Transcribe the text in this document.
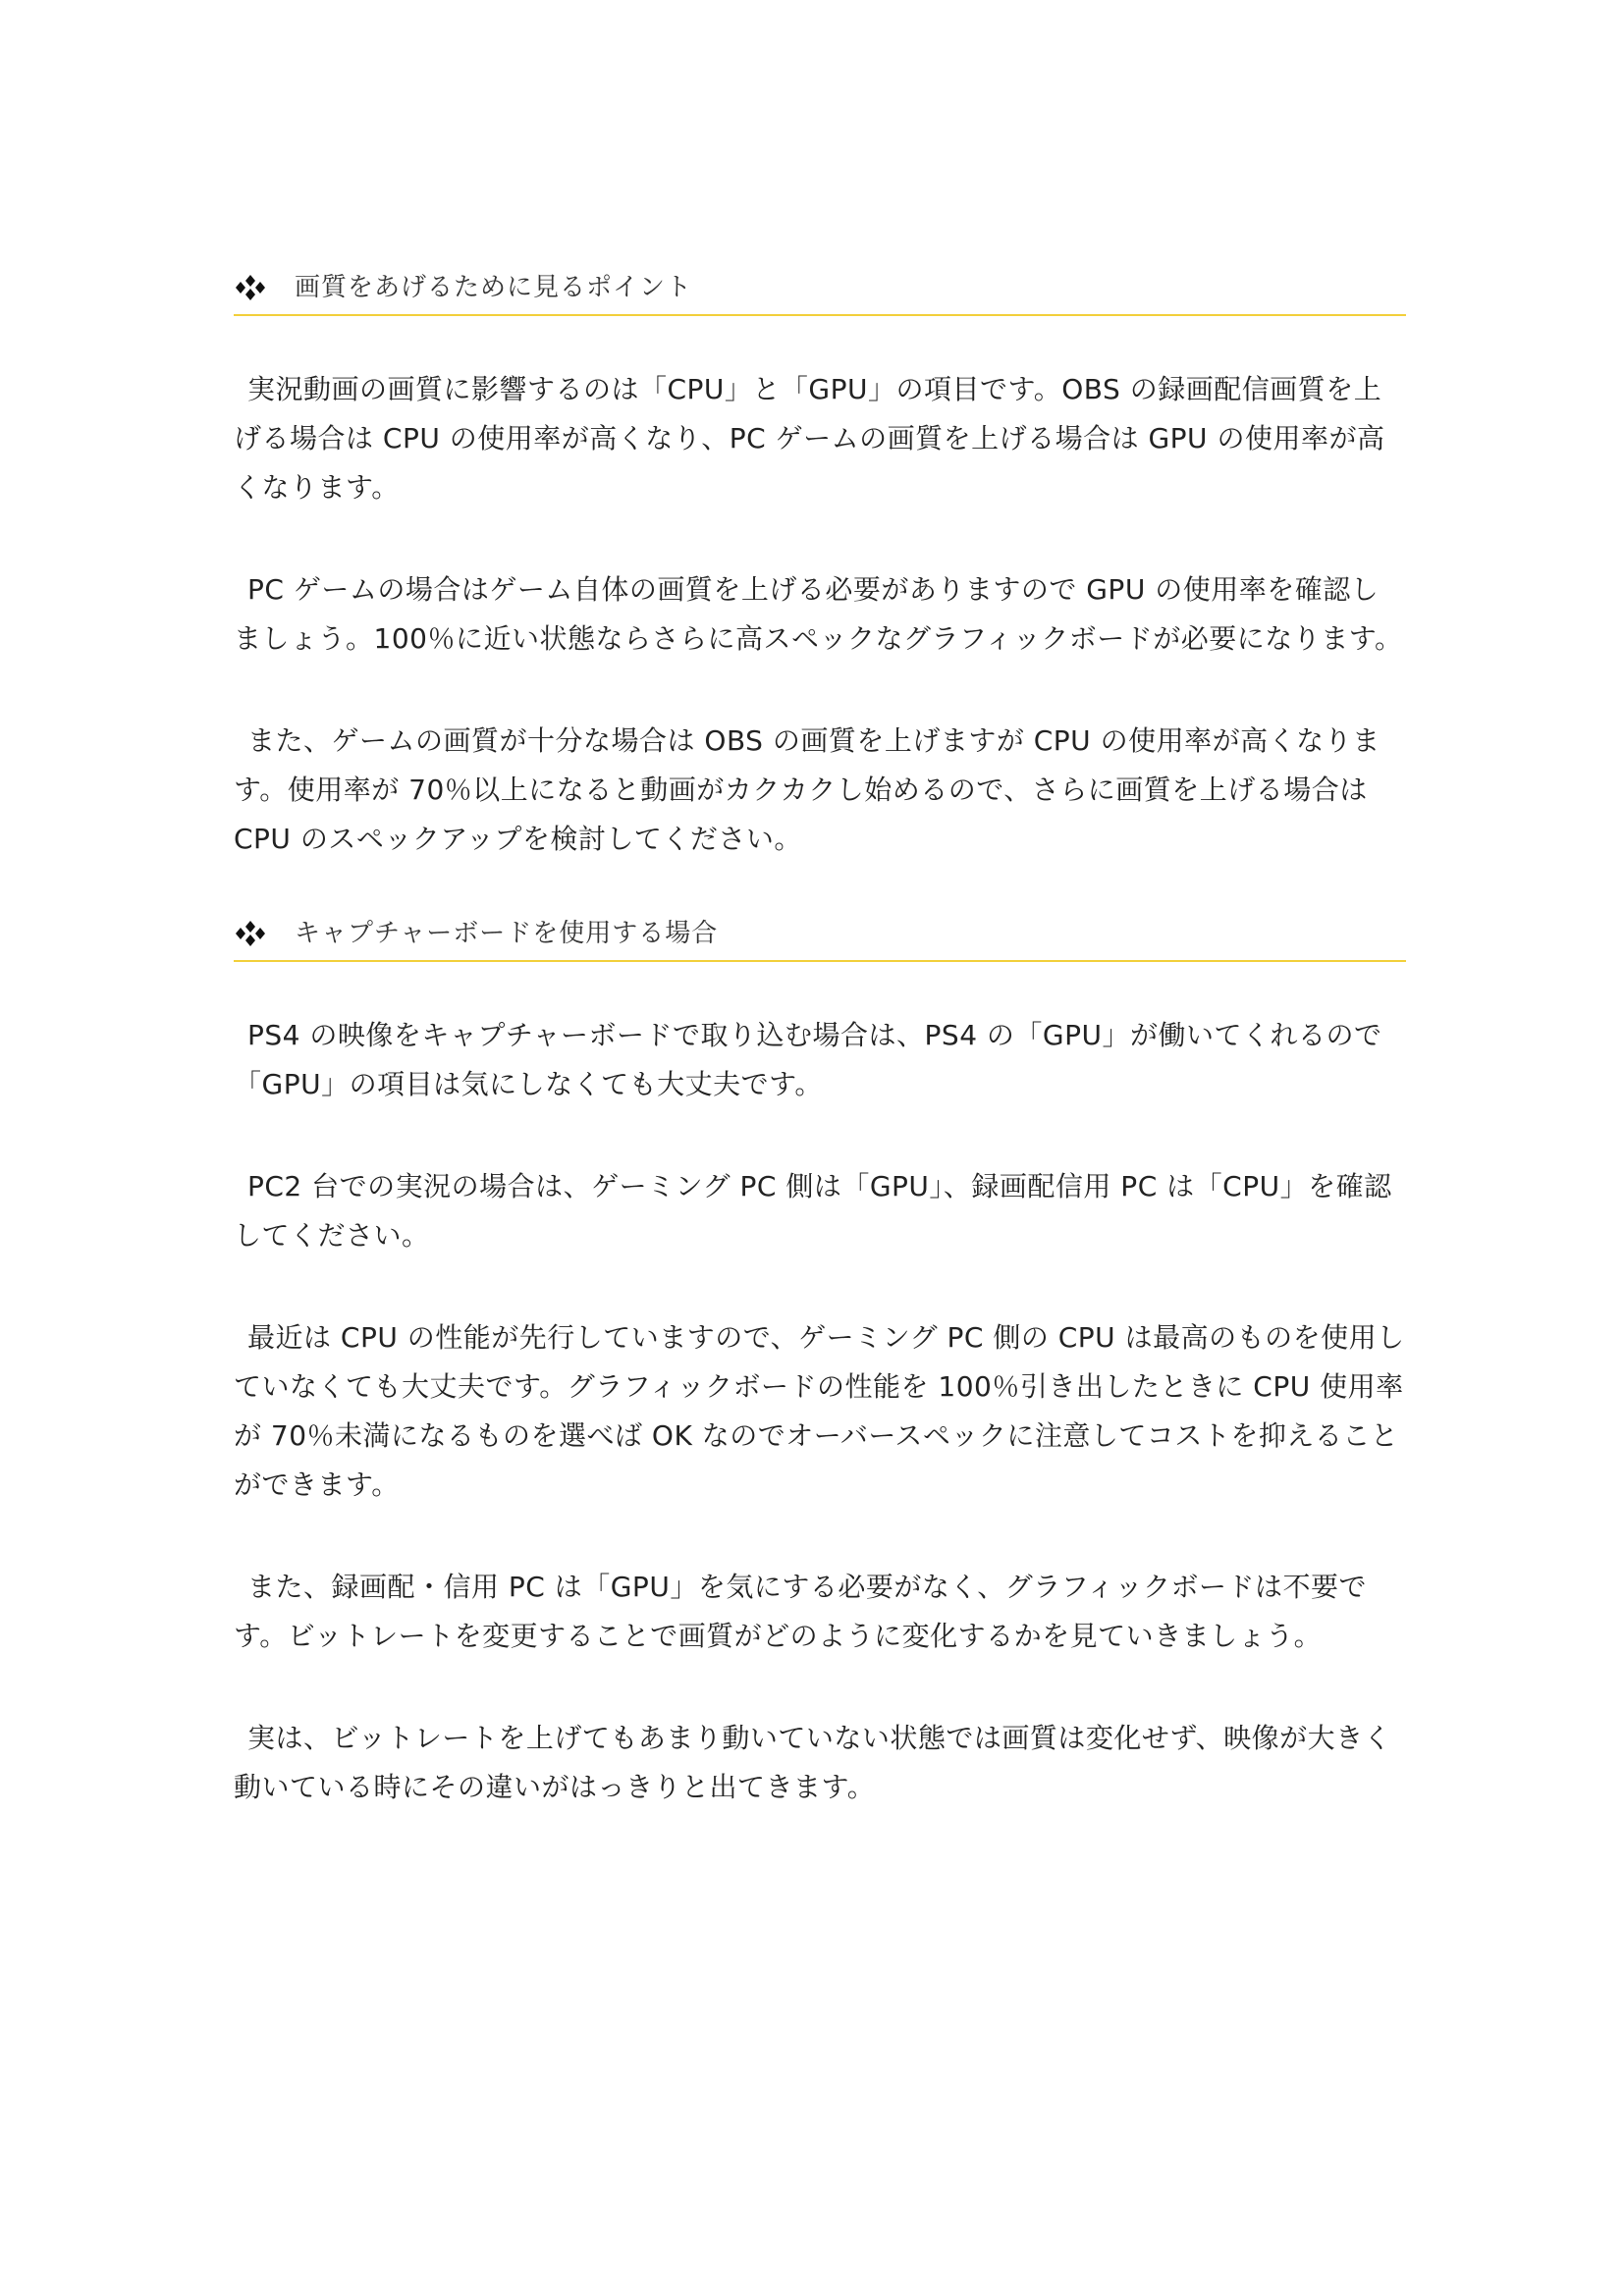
画質をあげるために見るポイント

実況動画の画質に影響するのは「CPU」と「GPU」の項目です。OBS の録画配信画質を上げる場合は CPU の使用率が高くなり、PC ゲームの画質を上げる場合は GPU の使用率が高くなります。

PC ゲームの場合はゲーム自体の画質を上げる必要がありますので GPU の使用率を確認しましょう。100％に近い状態ならさらに高スペックなグラフィックボードが必要になります。

また、ゲームの画質が十分な場合は OBS の画質を上げますが CPU の使用率が高くなります。使用率が 70％以上になると動画がカクカクし始めるので、さらに画質を上げる場合は CPU のスペックアップを検討してください。

キャプチャーボードを使用する場合

PS4 の映像をキャプチャーボードで取り込む場合は、PS4 の「GPU」が働いてくれるので「GPU」の項目は気にしなくても大丈夫です。

PC2 台での実況の場合は、ゲーミング PC 側は「GPU」、録画配信用 PC は「CPU」を確認してください。

最近は CPU の性能が先行していますので、ゲーミング PC 側の CPU は最高のものを使用していなくても大丈夫です。グラフィックボードの性能を 100％引き出したときに CPU 使用率が 70％未満になるものを選べば OK なのでオーバースペックに注意してコストを抑えることができます。

また、録画配・信用 PC は「GPU」を気にする必要がなく、グラフィックボードは不要です。ビットレートを変更することで画質がどのように変化するかを見ていきましょう。

実は、ビットレートを上げてもあまり動いていない状態では画質は変化せず、映像が大きく動いている時にその違いがはっきりと出てきます。
